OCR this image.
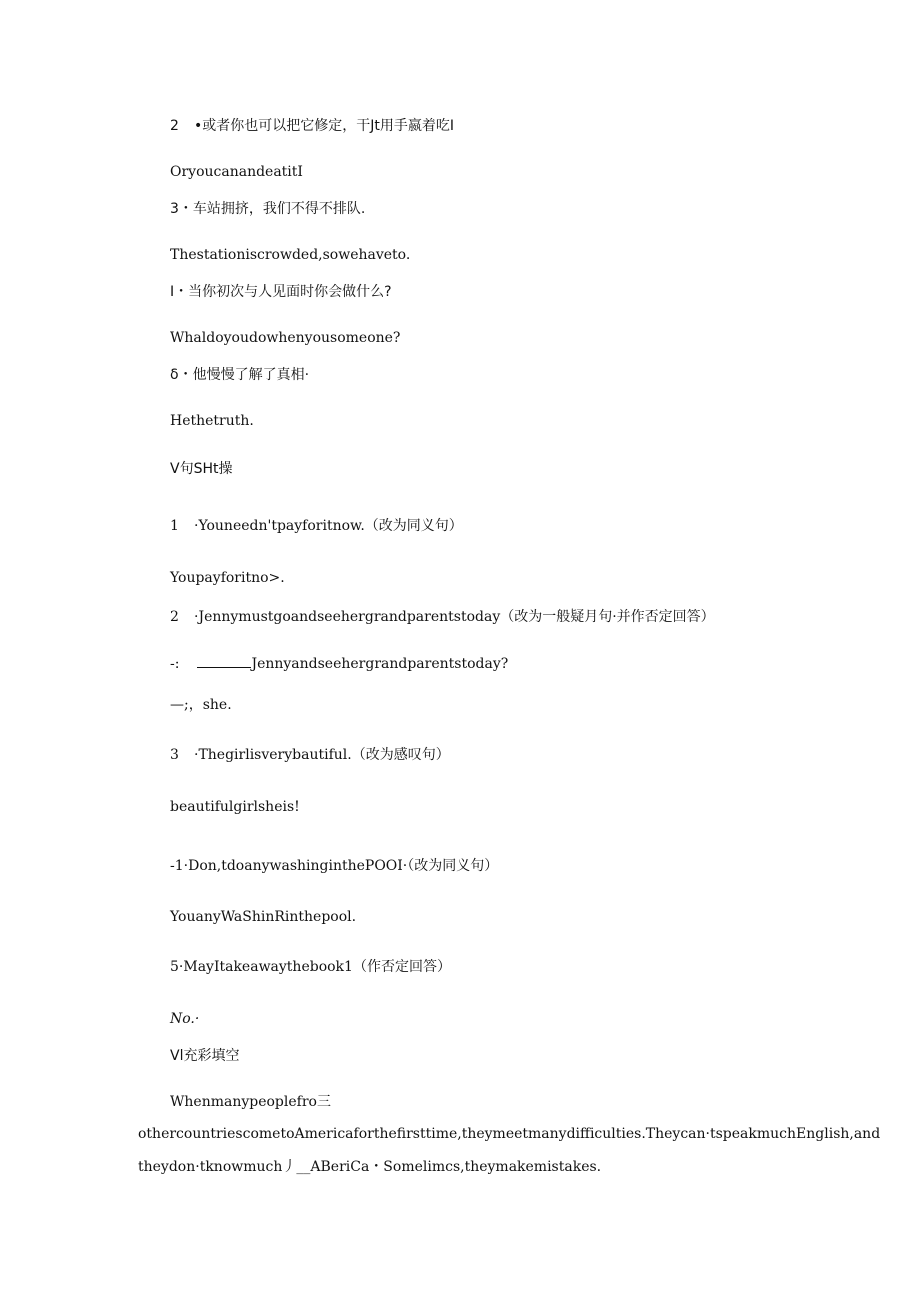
2 •或者你也可以把它修定，干Jt用手嬴着吃I
OryoucanandeatitI
3・车站拥挤，我们不得不排队.
Thestationiscrowded,sowehaveto.
I・当你初次与人见面时你会做什么?
Whaldoyoudowhenyousomeone?
δ・他慢慢了解了真相·
Hethetruth.
V句SHt操
1 ·Youneedn'tpayforitnow.（改为同义句）
Youpayforitno>.
2 ·Jennymustgoandseehergrandparentstoday（改为一般疑月句·并作否定回答）
-:	Jennyandseehergrandparentstoday?
—;，she.
3 ·Thegirlisverybautiful.（改为感叹句）
beautifulgirlsheis!
-1·Don,tdoanywashinginthePOOI·（改为同义句）
YouanyWaShinRinthepool.
5·MayItakeawaythebook1（作否定回答）
No.·
Vl充彩填空
Whenmanypeoplefro三
othercountriescometoAmericaforthefirsttime,theymeetmanydifficulties.Theycan·tspeakmuchEnglish,and
theydon·tknowmuch丿__ABeriCa・Somelimcs,theymakemistakes.
